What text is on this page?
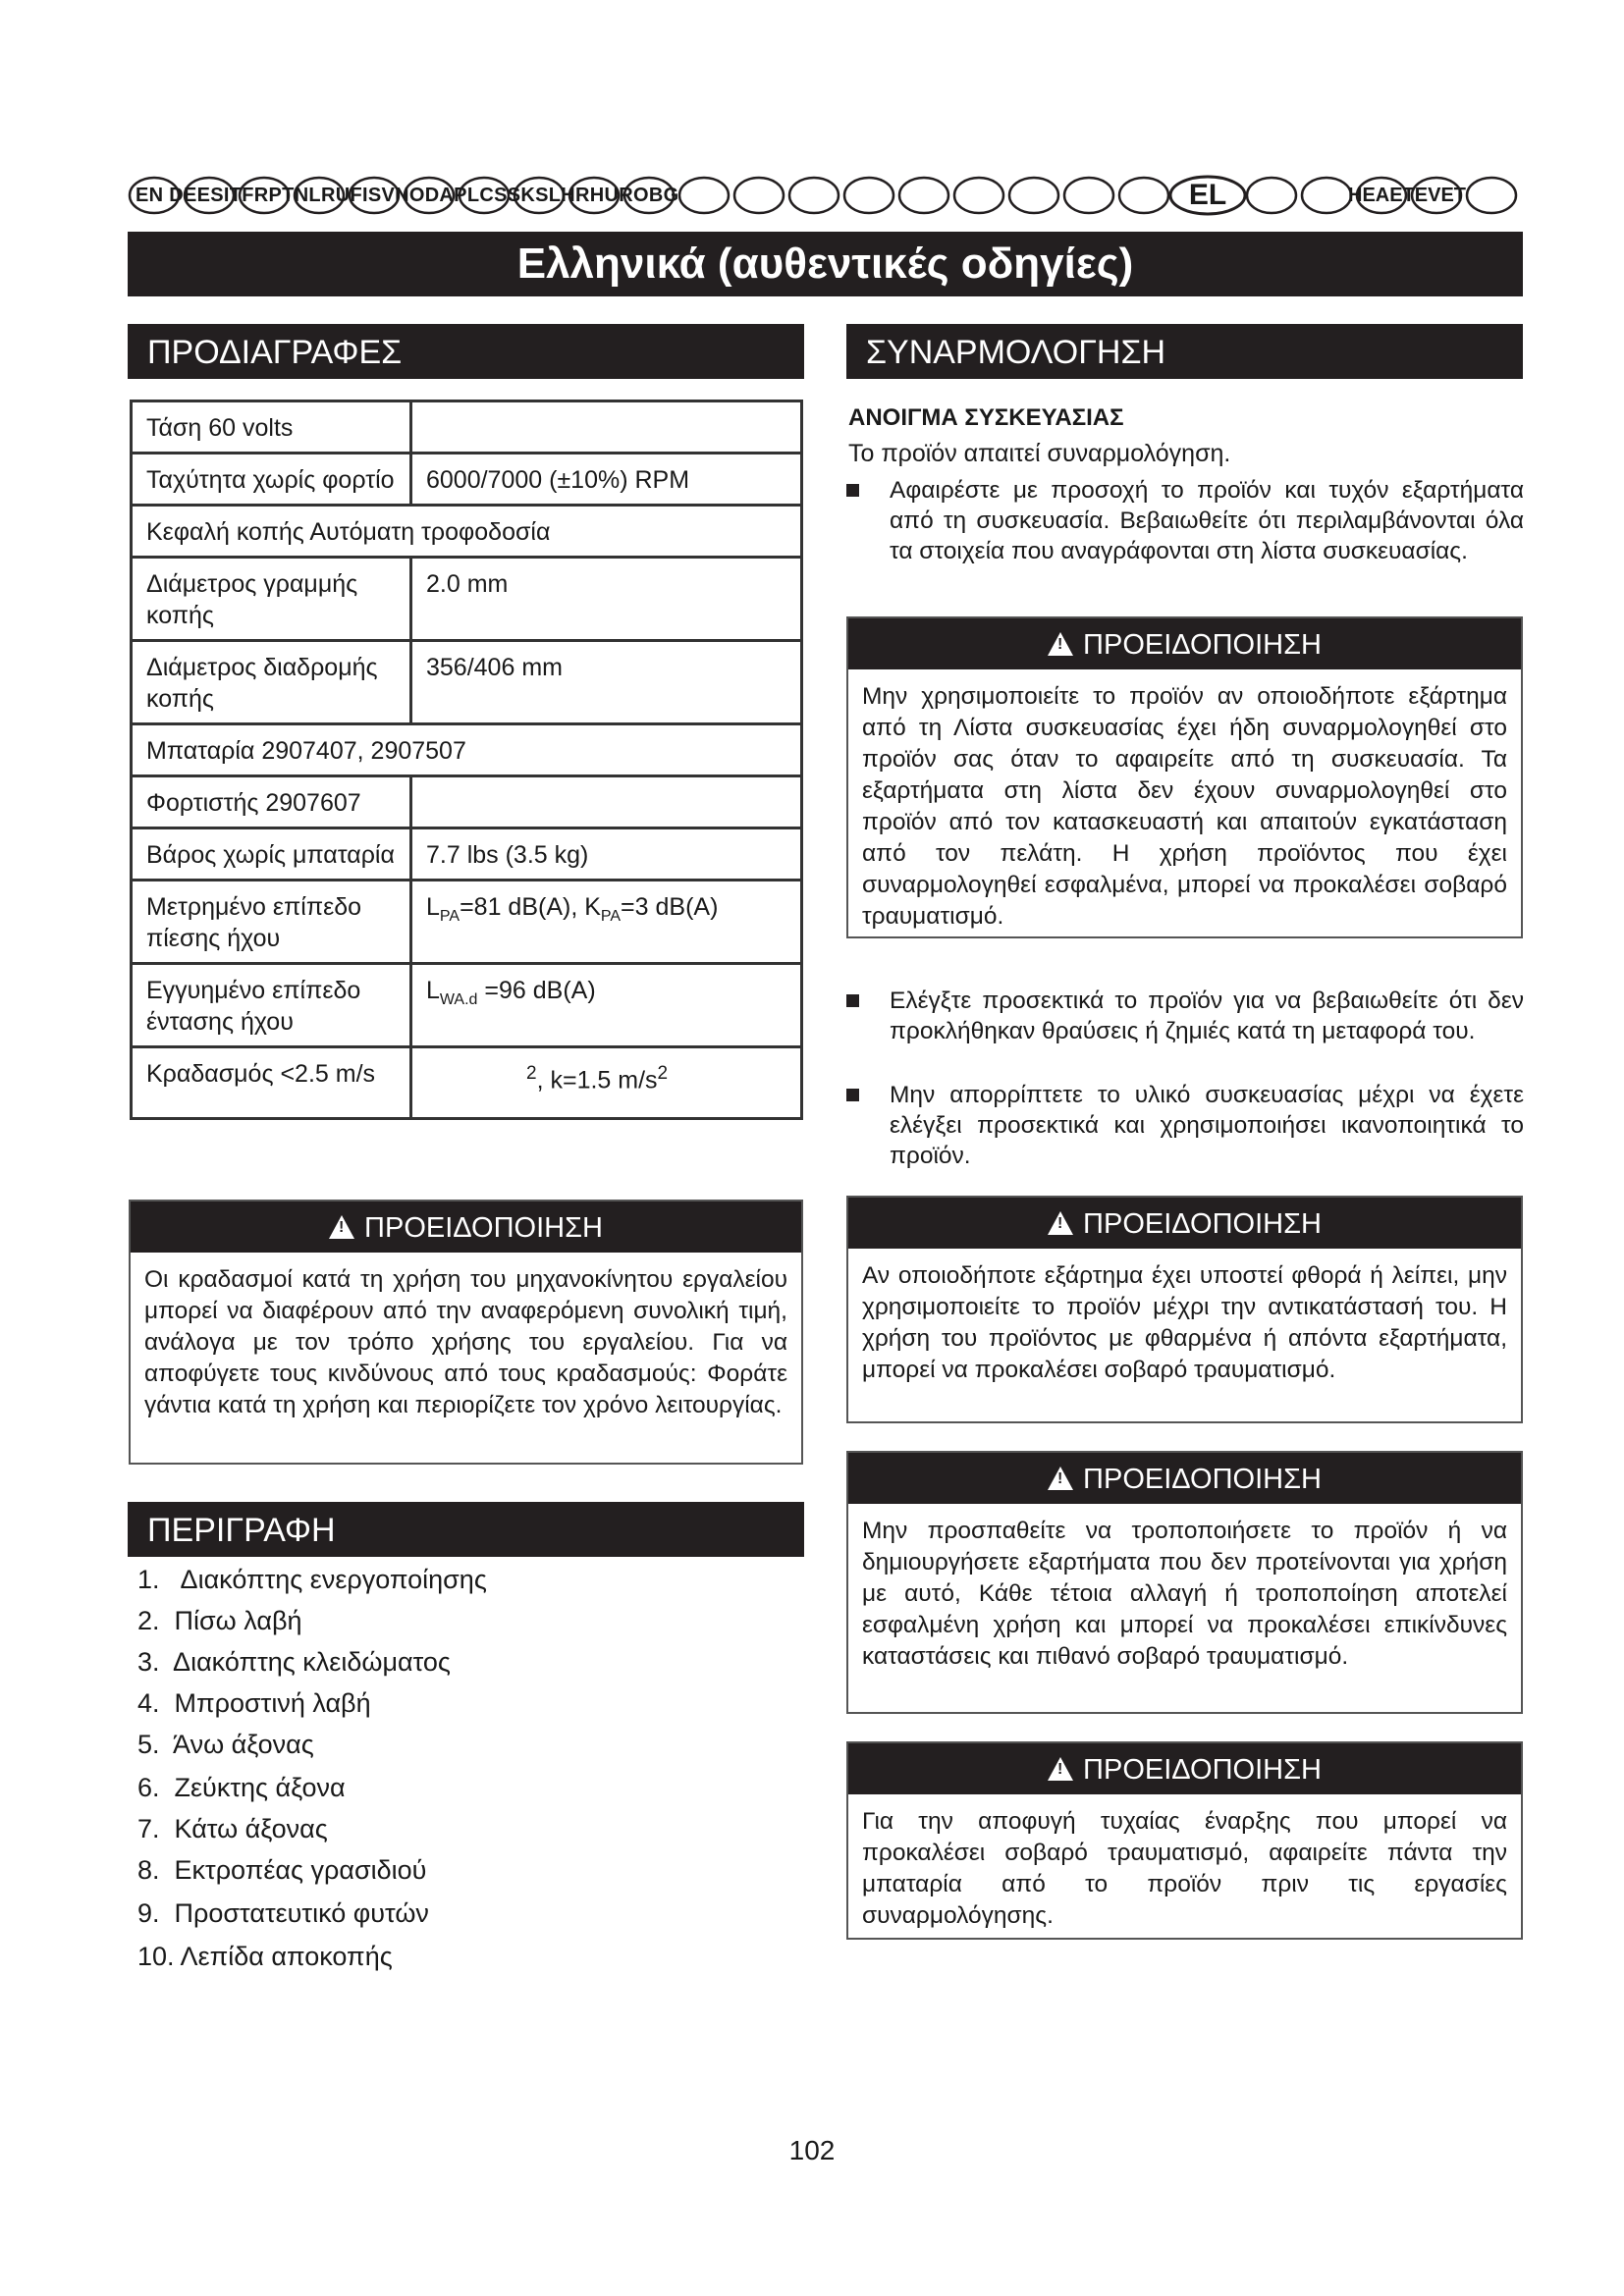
EN DEESITFRPTNLRUFISVNODAPLCSSKSLHRHUROBG	EL	HEAETEVET
Ελληνικά (αυθεντικές οδηγίες)
ΠΡΟΔΙΑΓΡΑΦΕΣ
Τάση 60 volts	
Ταχύτητα χωρίς φορτίο	6000/7000 (±10%) RPM
Κεφαλή κοπής Αυτόματη τροφοδοσία	
Διάμετρος γραμμής κοπής	2.0 mm
Διάμετρος διαδρομής κοπής	356/406 mm
Μπαταρία 2907407, 2907507	
Φορτιστής 2907607	
Βάρος χωρίς μπαταρία	7.7 lbs (3.5 kg)
Μετρημένο επίπεδο πίεσης ήχου	$L_{PA}=81$ dB(A), $K_{PA}=3$ dB(A)
Εγγυημένο επίπεδο έντασης ήχου	$L_{WA.d} =96$ dB(A)
Κραδασμός <2.5 m/s	$^2$, k=1.5 $m/s^2$
!ΠΡΟΕΙΔΟΠΟΙΗΣΗ
Οι κραδασμοί κατά τη χρήση του μηχανοκίνητου εργαλείου μπορεί να διαφέρουν από την αναφερόμενη συνολική τιμή, ανάλογα με τον τρόπο χρήσης του εργαλείου. Για να αποφύγετε τους κινδύνους από τους κραδασμούς: Φοράτε γάντια κατά τη χρήση και περιορίζετε τον χρόνο λειτουργίας.
ΠΕΡΙΓΡΑΦΗ
1.   Διακόπτης ενεργοποίησης
2.  Πίσω λαβή
3.  Διακόπτης κλειδώματος
4.  Μπροστινή λαβή
5.  Άνω άξονας
6.  Ζεύκτης άξονα
7.  Κάτω άξονας
8.  Εκτροπέας γρασιδιού
9.  Προστατευτικό φυτών
10. Λεπίδα αποκοπής
ΣΥΝΑΡΜΟΛΟΓΗΣΗ
ΑΝΟΙΓΜΑ ΣΥΣΚΕΥΑΣΙΑΣ
Το προϊόν απαιτεί συναρμολόγηση.
Αφαιρέστε με προσοχή το προϊόν και τυχόν εξαρτήματα από τη συσκευασία. Βεβαιωθείτε ότι περιλαμβάνονται όλα τα στοιχεία που αναγράφονται στη λίστα συσκευασίας.
!ΠΡΟΕΙΔΟΠΟΙΗΣΗ
Μην χρησιμοποιείτε το προϊόν αν οποιοδήποτε εξάρτημα από τη Λίστα συσκευασίας έχει ήδη συναρμολογηθεί στο προϊόν σας όταν το αφαιρείτε από τη συσκευασία. Τα εξαρτήματα στη λίστα δεν έχουν συναρμολογηθεί στο προϊόν από τον κατασκευαστή και απαιτούν εγκατάσταση από τον πελάτη. Η χρήση προϊόντος που έχει συναρμολογηθεί εσφαλμένα, μπορεί να προκαλέσει σοβαρό τραυματισμό.
Ελέγξτε προσεκτικά το προϊόν για να βεβαιωθείτε ότι δεν προκλήθηκαν θραύσεις ή ζημιές κατά τη μεταφορά του.
Μην απορρίπτετε το υλικό συσκευασίας μέχρι να έχετε ελέγξει προσεκτικά και χρησιμοποιήσει ικανοποιητικά το προϊόν.
!ΠΡΟΕΙΔΟΠΟΙΗΣΗ
Αν οποιοδήποτε εξάρτημα έχει υποστεί φθορά ή λείπει, μην χρησιμοποιείτε το προϊόν μέχρι την αντικατάστασή του. Η χρήση του προϊόντος με φθαρμένα ή απόντα εξαρτήματα, μπορεί να προκαλέσει σοβαρό τραυματισμό.
!ΠΡΟΕΙΔΟΠΟΙΗΣΗ
Μην προσπαθείτε να τροποποιήσετε το προϊόν ή να δημιουργήσετε εξαρτήματα που δεν προτείνονται για χρήση με αυτό, Κάθε τέτοια αλλαγή ή τροποποίηση αποτελεί εσφαλμένη χρήση και μπορεί να προκαλέσει επικίνδυνες καταστάσεις και πιθανό σοβαρό τραυματισμό.
!ΠΡΟΕΙΔΟΠΟΙΗΣΗ
Για την αποφυγή τυχαίας έναρξης που μπορεί να προκαλέσει σοβαρό τραυματισμό, αφαιρείτε πάντα την μπαταρία από το προϊόν πριν τις εργασίες συναρμολόγησης.
102
